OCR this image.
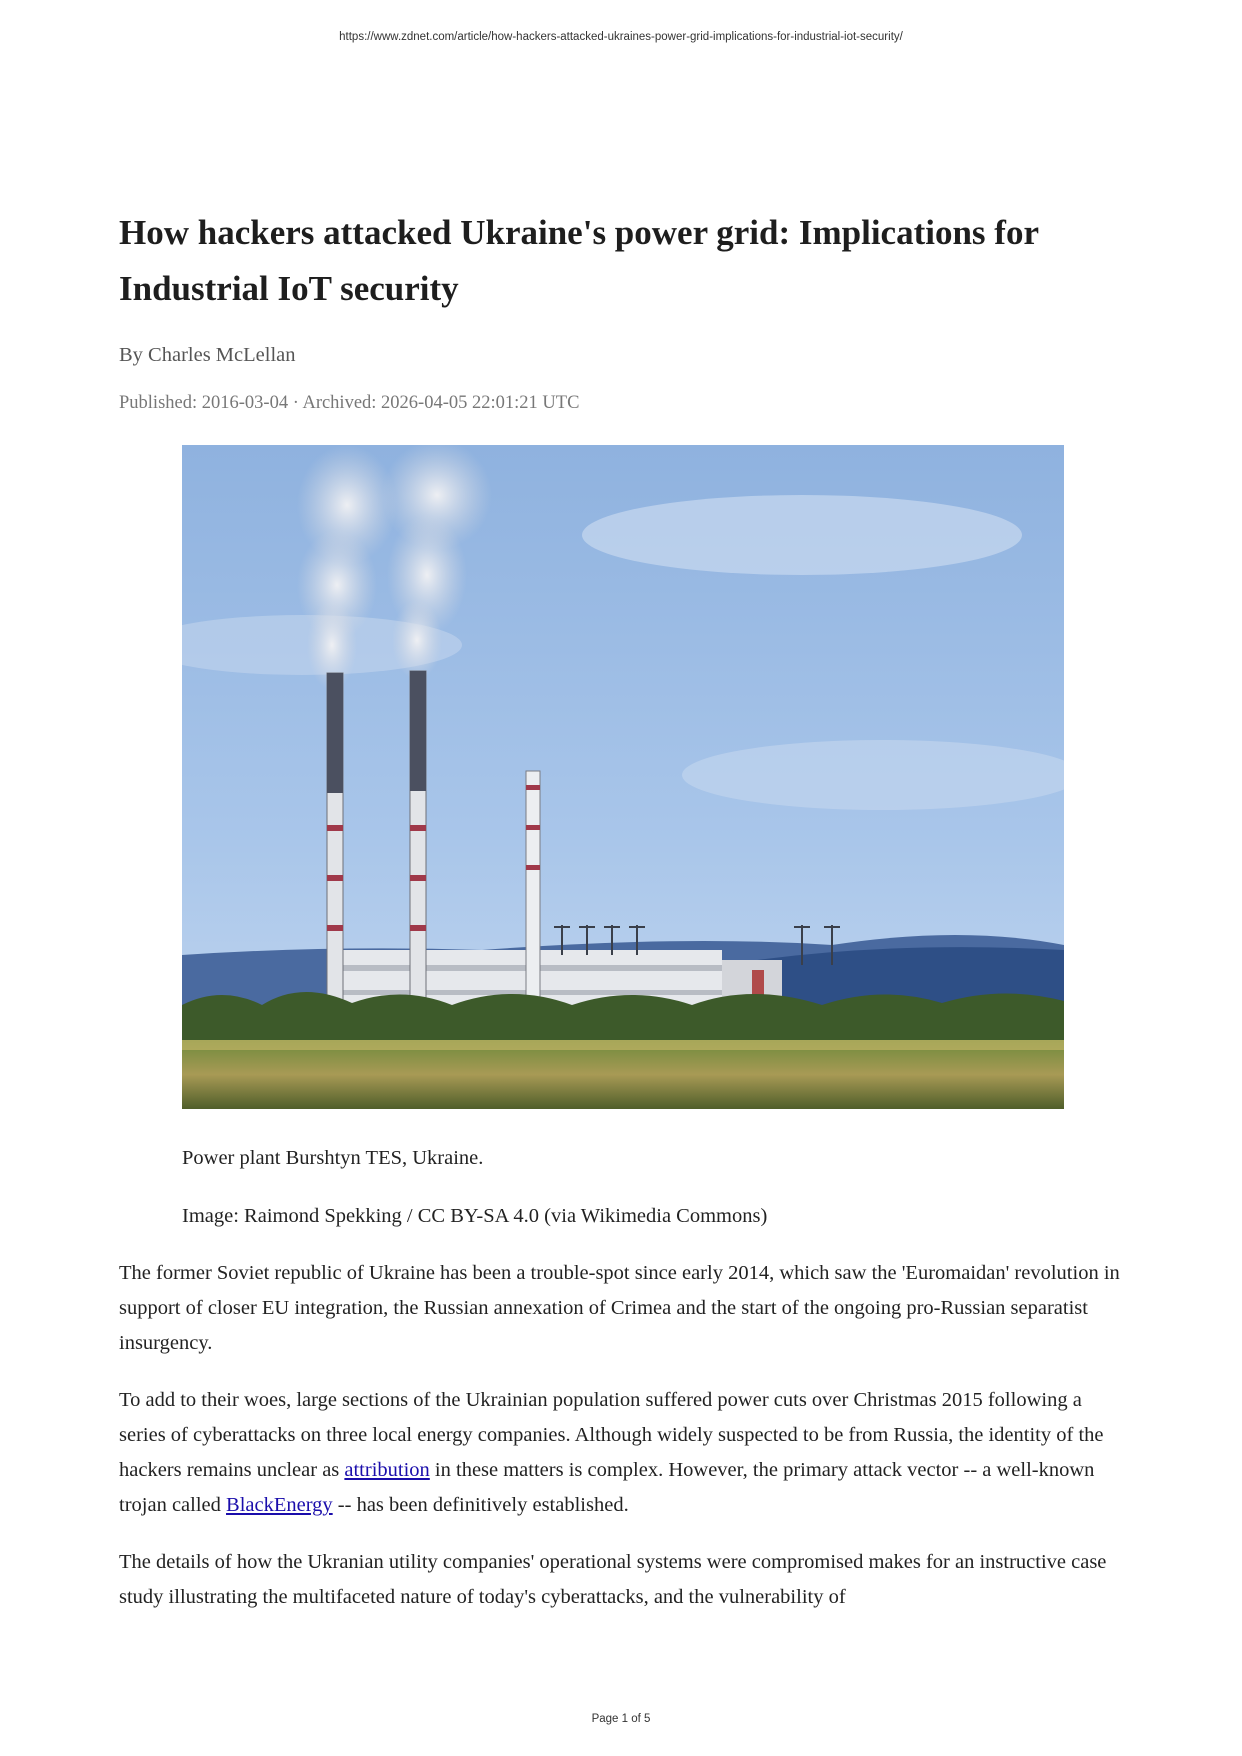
https://www.zdnet.com/article/how-hackers-attacked-ukraines-power-grid-implications-for-industrial-iot-security/
How hackers attacked Ukraine's power grid: Implications for Industrial IoT security
By Charles McLellan
Published: 2016-03-04 · Archived: 2026-04-05 22:01:21 UTC
Power plant Burshtyn TES, Ukraine.
Image: Raimond Spekking / CC BY-SA 4.0 (via Wikimedia Commons)

The former Soviet republic of Ukraine has been a trouble-spot since early 2014, which saw the 'Euromaidan' revolution in support of closer EU integration, the Russian annexation of Crimea and the start of the ongoing pro-Russian separatist insurgency.

To add to their woes, large sections of the Ukrainian population suffered power cuts over Christmas 2015 following a series of cyberattacks on three local energy companies. Although widely suspected to be from Russia, the identity of the hackers remains unclear as attribution in these matters is complex. However, the primary attack vector -- a well-known trojan called BlackEnergy -- has been definitively established.

The details of how the Ukranian utility companies' operational systems were compromised makes for an instructive case study illustrating the multifaceted nature of today's cyberattacks, and the vulnerability of

Page 1 of 5
